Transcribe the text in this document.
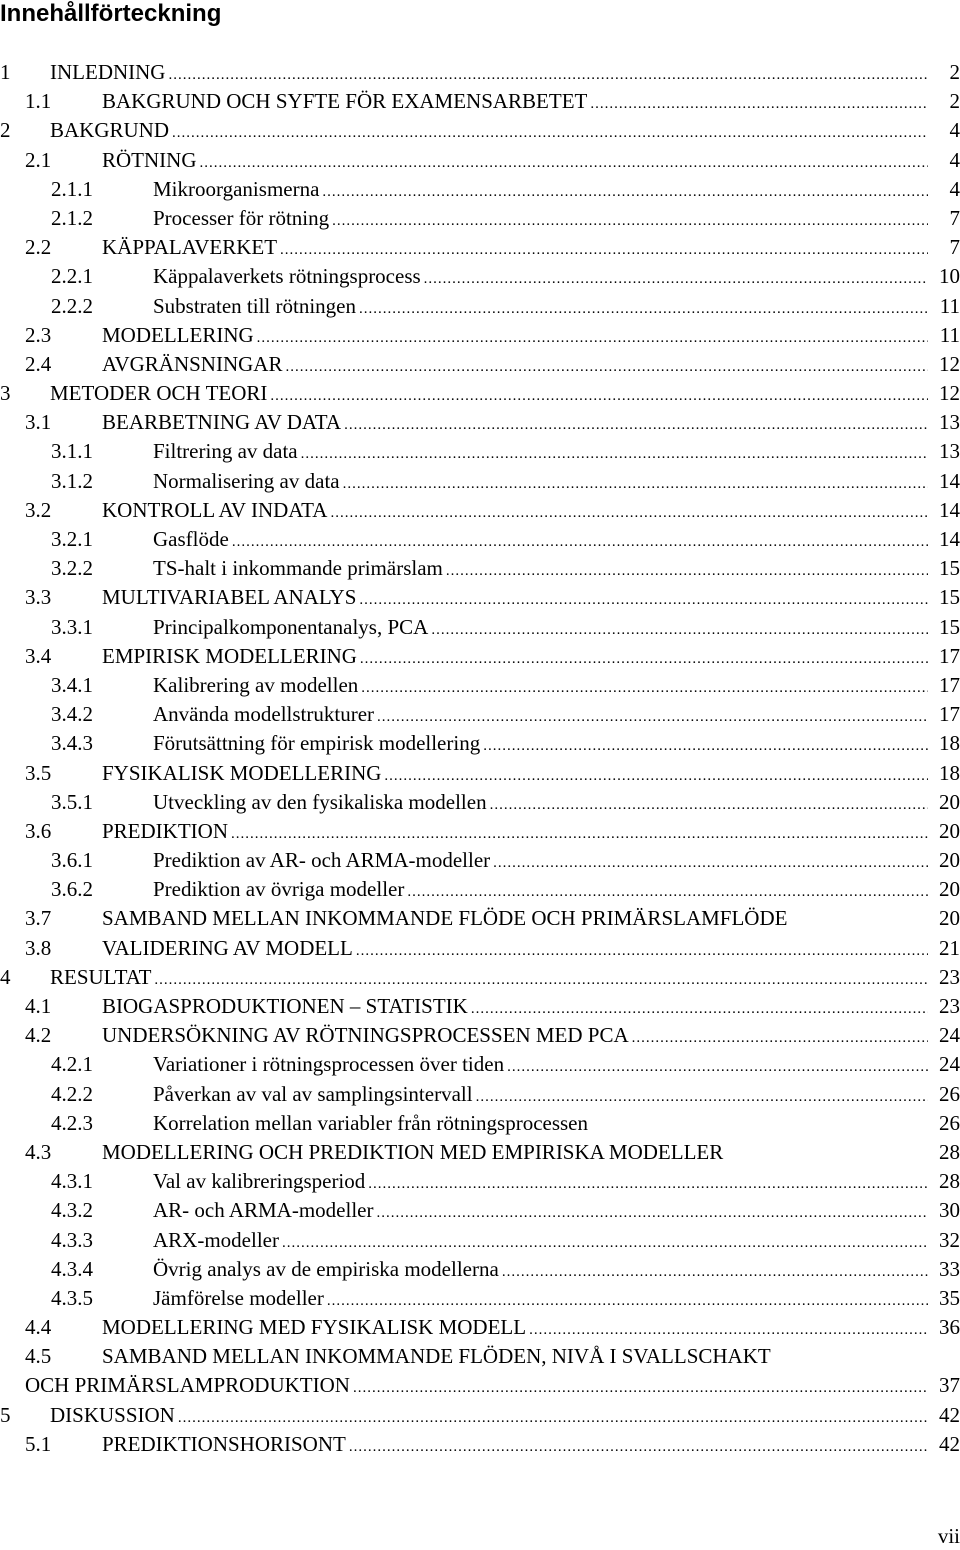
Innehållförteckning
1 INLEDNING .....	2
1.1 BAKGRUND OCH SYFTE FÖR EXAMENSARBETET .....	2
2 BAKGRUND .....	4
2.1 RÖTNING .....	4
2.1.1	Mikroorganismerna .....	4
2.1.2	Processer för rötning .....	7
2.2 KÄPPALAVERKET .....	7
2.2.1	Käppalaverkets rötningsprocess .....	10
2.2.2	Substraten till rötningen .....	11
2.3 MODELLERING .....	11
2.4 AVGRÄNSNINGAR .....	12
3 METODER OCH TEORI .....	12
3.1 BEARBETNING AV DATA .....	13
3.1.1	Filtrering av data .....	13
3.1.2	Normalisering av data .....	14
3.2 KONTROLL AV INDATA .....	14
3.2.1	Gasflöde .....	14
3.2.2	TS-halt i inkommande primärslam .....	15
3.3 MULTIVARIABEL ANALYS .....	15
3.3.1	Principalkomponentanalys, PCA .....	15
3.4 EMPIRISK MODELLERING .....	17
3.4.1	Kalibrering av modellen .....	17
3.4.2	Använda modellstrukturer .....	17
3.4.3	Förutsättning för empirisk modellering .....	18
3.5 FYSIKALISK MODELLERING .....	18
3.5.1	Utveckling av den fysikaliska modellen .....	20
3.6 PREDIKTION .....	20
3.6.1	Prediktion av AR- och ARMA-modeller .....	20
3.6.2	Prediktion av övriga modeller .....	20
3.7 SAMBAND MELLAN INKOMMANDE FLÖDE OCH PRIMÄRSLAMFLÖDE	20
3.8 VALIDERING AV MODELL .....	21
4 RESULTAT .....	23
4.1 BIOGASPRODUKTIONEN – STATISTIK .....	23
4.2 UNDERSÖKNING AV RÖTNINGSPROCESSEN MED PCA .....	24
4.2.1	Variationer i rötningsprocessen över tiden .....	24
4.2.2	Påverkan av val av samplingsintervall .....	26
4.2.3	Korrelation mellan variabler från rötningsprocessen	26
4.3 MODELLERING OCH PREDIKTION MED EMPIRISKA MODELLER	28
4.3.1	Val av kalibreringsperiod .....	28
4.3.2	AR- och ARMA-modeller .....	30
4.3.3	ARX-modeller .....	32
4.3.4	Övrig analys av de empiriska modellerna .....	33
4.3.5	Jämförelse modeller .....	35
4.4 MODELLERING MED FYSIKALISK MODELL .....	36
4.5 SAMBAND MELLAN INKOMMANDE FLÖDEN, NIVÅ I SVALLSCHAKT
OCH PRIMÄRSLAMPRODUKTION .....	37
5 DISKUSSION .....	42
5.1 PREDIKTIONSHORISONT .....	42
vii
